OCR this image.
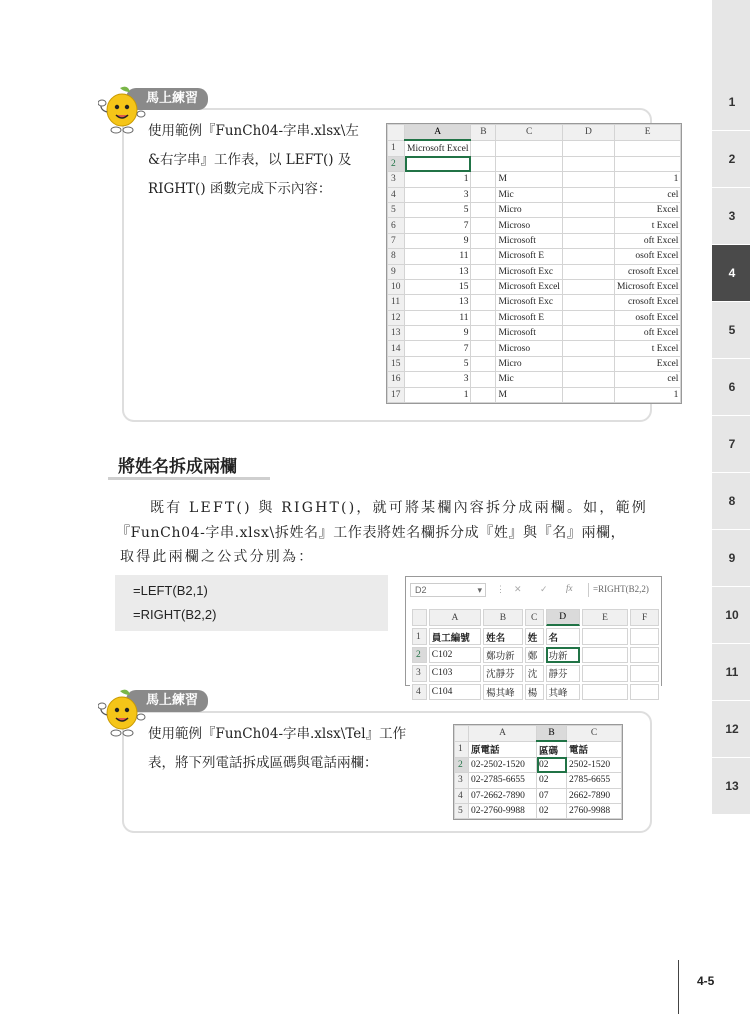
1
2
3
4
5
6
7
8
9
10
11
12
13
馬上練習
使用範例『FunCh04-字串.xlsx\左
&右字串』工作表，以 LEFT() 及
RIGHT() 函數完成下示內容：
	A	B	C	D	E
1	Microsoft Excel				
2					
3	1		M		1
4	3		Mic		cel
5	5		Micro		Excel
6	7		Microso		t Excel
7	9		Microsoft		oft Excel
8	11		Microsoft E		osoft Excel
9	13		Microsoft Exc		crosoft Excel
10	15		Microsoft Excel		Microsoft Excel
11	13		Microsoft Exc		crosoft Excel
12	11		Microsoft E		osoft Excel
13	9		Microsoft		oft Excel
14	7		Microso		t Excel
15	5		Micro		Excel
16	3		Mic		cel
17	1		M		1
將姓名拆成兩欄
既有 LEFT() 與 RIGHT()，就可將某欄內容拆分成兩欄。如，範例
『FunCh04-字串.xlsx\拆姓名』工作表將姓名欄拆分成『姓』與『名』兩欄，
取得此兩欄之公式分別為：
=LEFT(B2,1)
=RIGHT(B2,2)
D2	▾ ⋮ ✕ ✓ fx	=RIGHT(B2,2)
	A	B	C	D	E	F
1	員工編號	姓名	姓	名		
2	C102	鄭功新	鄭	功新		
3	C103	沈靜芬	沈	靜芬		
4	C104	楊其峰	楊	其峰		
馬上練習
使用範例『FunCh04-字串.xlsx\Tel』工作
表，將下列電話拆成區碼與電話兩欄：
	A	B	C
1	原電話	區碼	電話
2	02-2502-1520	02	2502-1520
3	02-2785-6655	02	2785-6655
4	07-2662-7890	07	2662-7890
5	02-2760-9988	02	2760-9988
4-5
